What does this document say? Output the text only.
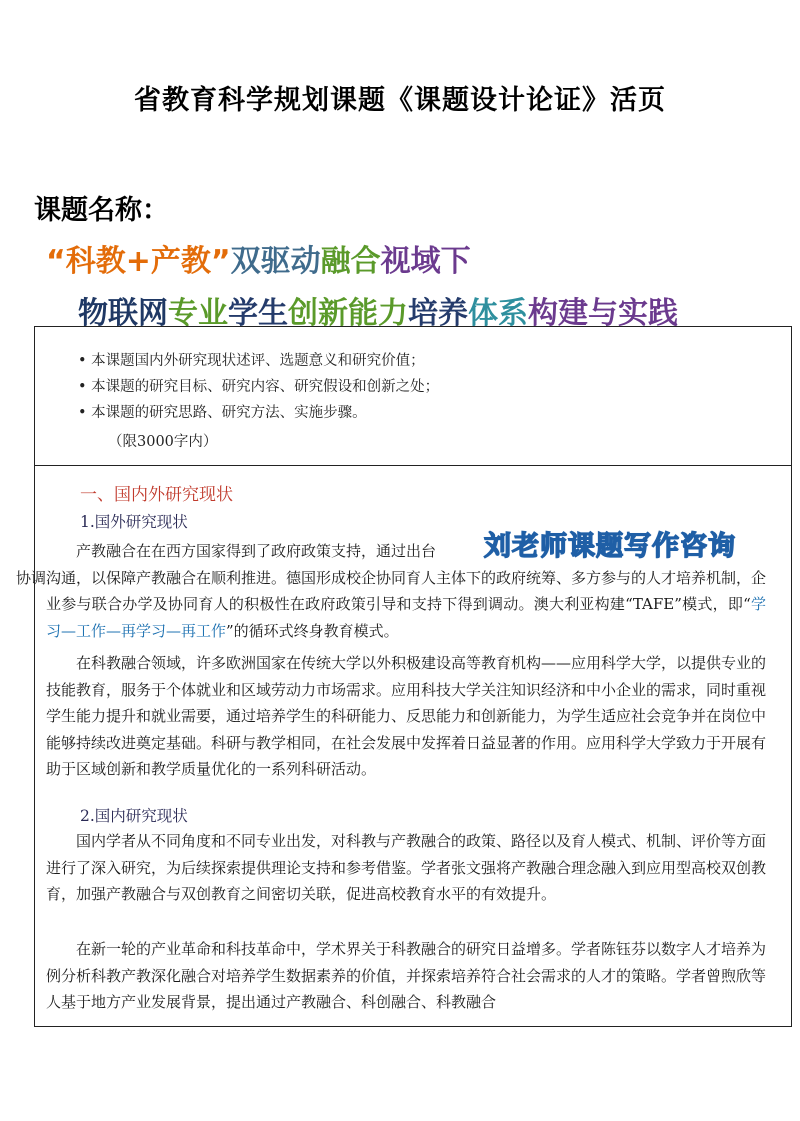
省教育科学规划课题《课题设计论证》活页
课题名称：
“科教+产教”双驱动融合视域下
物联网专业学生创新能力培养体系构建与实践
• 本课题国内外研究现状述评、选题意义和研究价值；
• 本课题的研究目标、研究内容、研究假设和创新之处；
• 本课题的研究思路、研究方法、实施步骤。
（限3000字内）
一、国内外研究现状
1.国外研究现状
产教融合在在西方国家得到了政府政策支持，通过出台
协调沟通，以保障产教融合在顺利推进。德国形成校企协同育人主体下的政府统筹、多方参与的人才培养机制，企业参与联合办学及协同育人的积极性在政府政策引导和支持下得到调动。澳大利亚构建“TAFE”模式，即“学习—工作—再学习—再工作”的循环式终身教育模式。
在科教融合领域，许多欧洲国家在传统大学以外积极建设高等教育机构——应用科学大学，以提供专业的技能教育，服务于个体就业和区域劳动力市场需求。应用科技大学关注知识经济和中小企业的需求，同时重视学生能力提升和就业需要，通过培养学生的科研能力、反思能力和创新能力，为学生适应社会竞争并在岗位中能够持续改进奠定基础。科研与教学相同，在社会发展中发挥着日益显著的作用。应用科学大学致力于开展有助于区域创新和教学质量优化的一系列科研活动。
2.国内研究现状
国内学者从不同角度和不同专业出发，对科教与产教融合的政策、路径以及育人模式、机制、评价等方面进行了深入研究，为后续探索提供理论支持和参考借鉴。学者张文强将产教融合理念融入到应用型高校双创教育，加强产教融合与双创教育之间密切关联，促进高校教育水平的有效提升。
在新一轮的产业革命和科技革命中，学术界关于科教融合的研究日益增多。学者陈钰芬以数字人才培养为例分析科教产教深化融合对培养学生数据素养的价值，并探索培养符合社会需求的人才的策略。学者曾煦欣等人基于地方产业发展背景，提出通过产教融合、科创融合、科教融合
刘老师课题写作咨询
